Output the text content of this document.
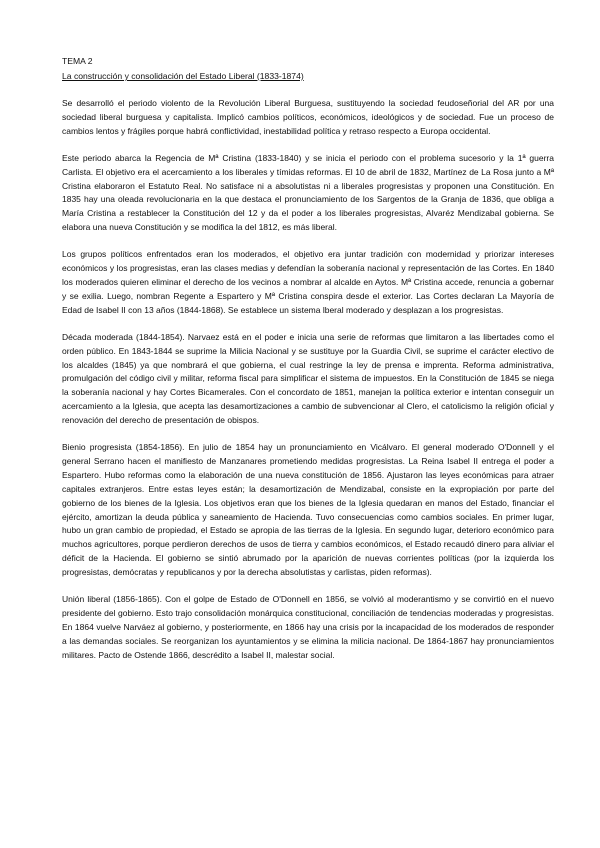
TEMA 2

La construcción y consolidación del Estado Liberal (1833-1874)

Se desarrolló el periodo violento de la Revolución Liberal Burguesa, sustituyendo la sociedad feudoseñorial del AR por una sociedad liberal burguesa y capitalista. Implicó cambios políticos, económicos, ideológicos y de sociedad. Fue un proceso de cambios lentos y frágiles porque habrá conflictividad, inestabilidad política y retraso respecto a Europa occidental.

Este periodo abarca la Regencia de Mª Cristina (1833-1840) y se inicia el periodo con el problema sucesorio y la 1ª guerra Carlista. El objetivo era el acercamiento a los liberales y tímidas reformas. El 10 de abril de 1832, Martínez de La Rosa junto a Mª Cristina elaboraron el Estatuto Real. No satisface ni a absolutistas ni a liberales progresistas y proponen una Constitución. En 1835 hay una oleada revolucionaria en la que destaca el pronunciamiento de los Sargentos de la Granja de 1836, que obliga a María Cristina a restablecer la Constitución del 12 y da el poder a los liberales progresistas, Alvaréz Mendizabal gobierna. Se elabora una nueva Constitución y se modifica la del 1812, es más liberal.

Los grupos políticos enfrentados eran los moderados, el objetivo era juntar tradición con modernidad y priorizar intereses económicos y los progresistas, eran las clases medias y defendían la soberanía nacional y representación de las Cortes. En 1840 los moderados quieren eliminar el derecho de los vecinos a nombrar al alcalde en Aytos. Mª Cristina accede, renuncia a gobernar y se exilia. Luego, nombran Regente a Espartero y Mª Cristina conspira desde el exterior. Las Cortes declaran La Mayoría de Edad de Isabel II con 13 años (1844-1868). Se establece un sistema lberal moderado y desplazan a los progresistas.

Década moderada (1844-1854). Narvaez está en el poder e inicia una serie de reformas que limitaron a las libertades como el orden público. En 1843-1844 se suprime la Milicia Nacional y se sustituye por la Guardia Civil, se suprime el carácter electivo de los alcaldes (1845) ya que nombrará el que gobierna, el cual restringe la ley de prensa e imprenta. Reforma administrativa, promulgación del código civil y militar, reforma fiscal para simplificar el sistema de impuestos. En la Constitución de 1845 se niega la soberanía nacional y hay Cortes Bicamerales. Con el concordato de 1851, manejan la política exterior e intentan conseguir un acercamiento a la Iglesia, que acepta las desamortizaciones a cambio de subvencionar al Clero, el catolicismo la religión oficial y renovación del derecho de presentación de obispos.

Bienio progresista (1854-1856). En julio de 1854 hay un pronunciamiento en Vicálvaro. El general moderado O'Donnell y el general Serrano hacen el manifiesto de Manzanares prometiendo medidas progresistas. La Reina Isabel II entrega el poder a Espartero. Hubo reformas como la elaboración de una nueva constitución de 1856. Ajustaron las leyes económicas para atraer capitales extranjeros. Entre estas leyes están; la desamortización de Mendizabal, consiste en la expropiación por parte del gobierno de los bienes de la Iglesia. Los objetivos eran que los bienes de la Iglesia quedaran en manos del Estado, financiar el ejército, amortizan la deuda pública y saneamiento de Hacienda. Tuvo consecuencias como cambios sociales. En primer lugar, hubo un gran cambio de propiedad, el Estado se apropia de las tierras de la Iglesia. En segundo lugar, deterioro económico para muchos agricultores, porque perdieron derechos de usos de tierra y cambios económicos, el Estado recaudó dinero para aliviar el déficit de la Hacienda. El gobierno se sintió abrumado por la aparición de nuevas corrientes políticas (por la izquierda los progresistas, demócratas y republicanos y por la derecha absolutistas y carlistas, piden reformas).

Unión liberal (1856-1865). Con el golpe de Estado de O'Donnell en 1856, se volvió al moderantismo y se convirtió en el nuevo presidente del gobierno. Esto trajo consolidación monárquica constitucional, conciliación de tendencias moderadas y progresistas. En 1864 vuelve Narváez al gobierno, y posteriormente, en 1866 hay una crisis por la incapacidad de los moderados de responder a las demandas sociales. Se reorganizan los ayuntamientos y se elimina la milicia nacional. De 1864-1867 hay pronunciamientos militares. Pacto de Ostende 1866, descrédito a Isabel II, malestar social.
